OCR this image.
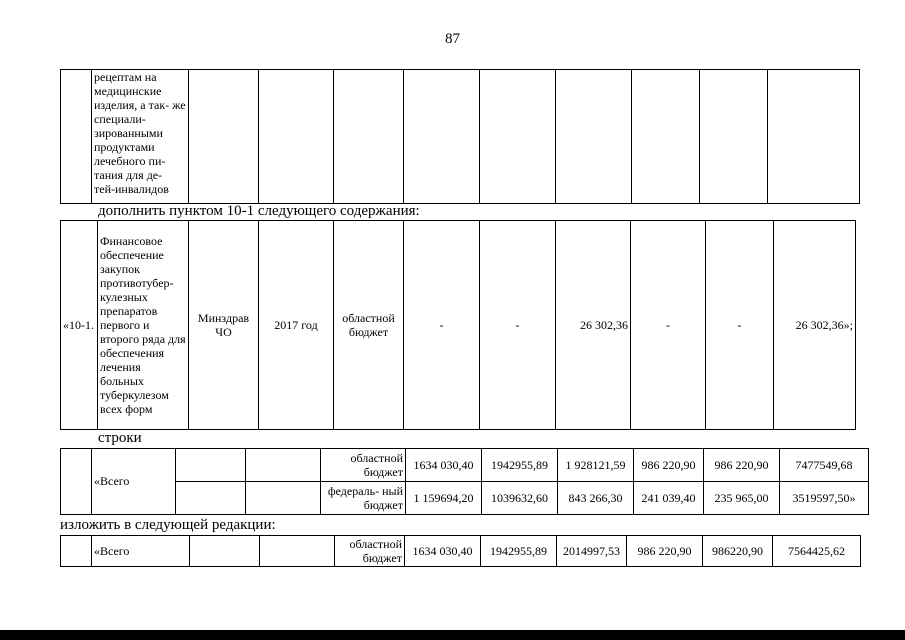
87
	рецептам на медицинские изделия, а так- же специали- зированными продуктами лечебного пи- тания для де- тей-инвалидов									
дополнить пунктом 10-1 следующего содержания:
«10-1.	Финансовое обеспечение закупок противотубер- кулезных препаратов первого и второго ряда для обеспечения лечения больных туберкулезом всех форм	Минздрав ЧО	2017 год	областной бюджет	-	-	26 302,36	-	-	26 302,36»;
строки
	«Всего			областной бюджет	1634 030,40	1942955,89	1 928121,59	986 220,90	986 220,90	7477549,68
				федераль- ный бюджет	1 159694,20	1039632,60	843 266,30	241 039,40	235 965,00	3519597,50»
изложить в следующей редакции:
	«Всего			областной бюджет	1634 030,40	1942955,89	2014997,53	986 220,90	986220,90	7564425,62
